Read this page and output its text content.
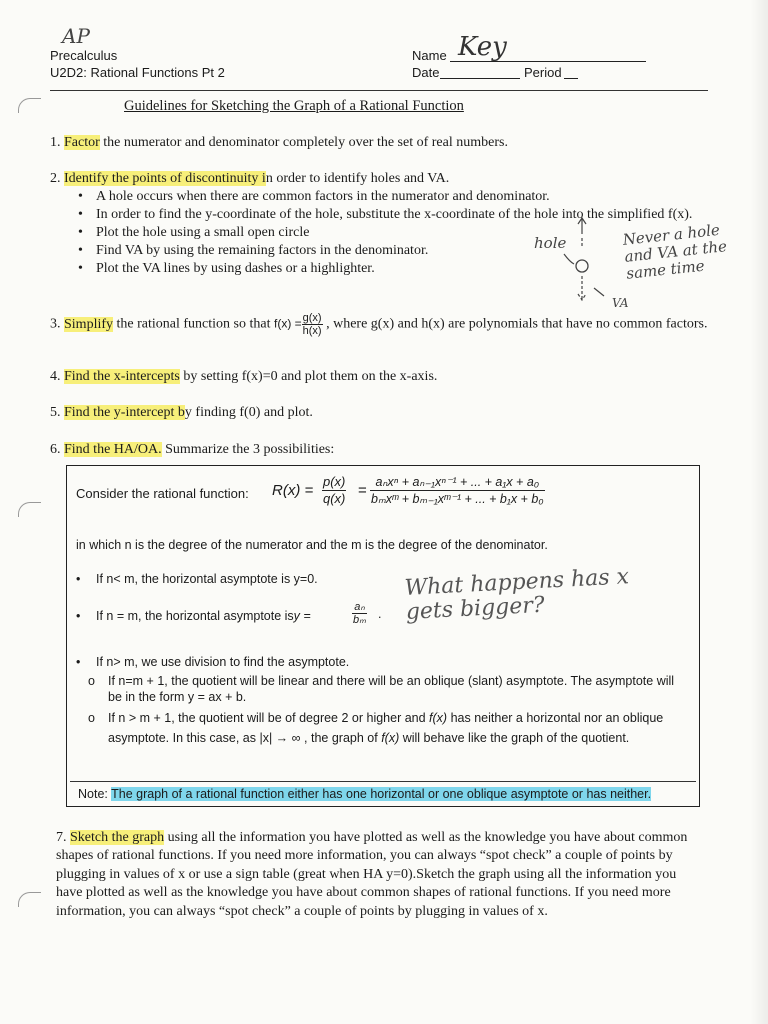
AP
Precalculus
U2D2: Rational Functions Pt 2
Name Key
Date	Period
Guidelines for Sketching the Graph of a Rational Function
1. Factor the numerator and denominator completely over the set of real numbers.
2. Identify the points of discontinuity in order to identify holes and VA.
• A hole occurs when there are common factors in the numerator and denominator.
• In order to find the y-coordinate of the hole, substitute the x-coordinate of the hole into the simplified f(x).
• Plot the hole using a small open circle
• Find VA by using the remaining factors in the denominator.
• Plot the VA lines by using dashes or a highlighter.
hole
VA
Never a hole and VA at the same time
3. Simplify the rational function so that $f(x) = \frac{g(x)}{h(x)}$ , where g(x) and h(x) are polynomials that have no common factors.
4. Find the x-intercepts by setting f(x)=0 and plot them on the x-axis.
5. Find the y-intercept by finding f(0) and plot.
6. Find the HA/OA. Summarize the 3 possibilities:
Consider the rational function: $R(x) = \frac{p(x)}{q(x)} = a_nx^n + a_{n-1}x^{n-1}$ + ... + a₁x + a₀
bₘxᵐ + bₘ₋₁xᵐ⁻¹ + ... + b₁x + b₀
in which n is the degree of the numerator and the m is the degree of the denominator.
• If n< m, the horizontal asymptote is y=0.	What happens has x gets bigger?
• If n = m, the horizontal asymptote isy =	$\frac{\text{aₙ}}{\text{bₘ}}$ .
• If n> m, we use division to find the asymptote.
o If n=m + 1, the quotient will be linear and there will be an oblique (slant) asymptote. The asymptote will be in the form y = ax + b.
o If n > m + 1, the quotient will be of degree 2 or higher and f(x) has neither a horizontal nor an oblique asymptote. In this case, as |x| → ∞ , the graph of f(x) will behave like the graph of the quotient.
Note: The graph of a rational function either has one horizontal or one oblique asymptote or has neither.
7. Sketch the graph using all the information you have plotted as well as the knowledge you have about common shapes of rational functions. If you need more information, you can always “spot check” a couple of points by plugging in values of x or use a sign table (great when HA y=0).Sketch the graph using all the information you have plotted as well as the knowledge you have about common shapes of rational functions. If you need more information, you can always “spot check” a couple of points by plugging in values of x.
